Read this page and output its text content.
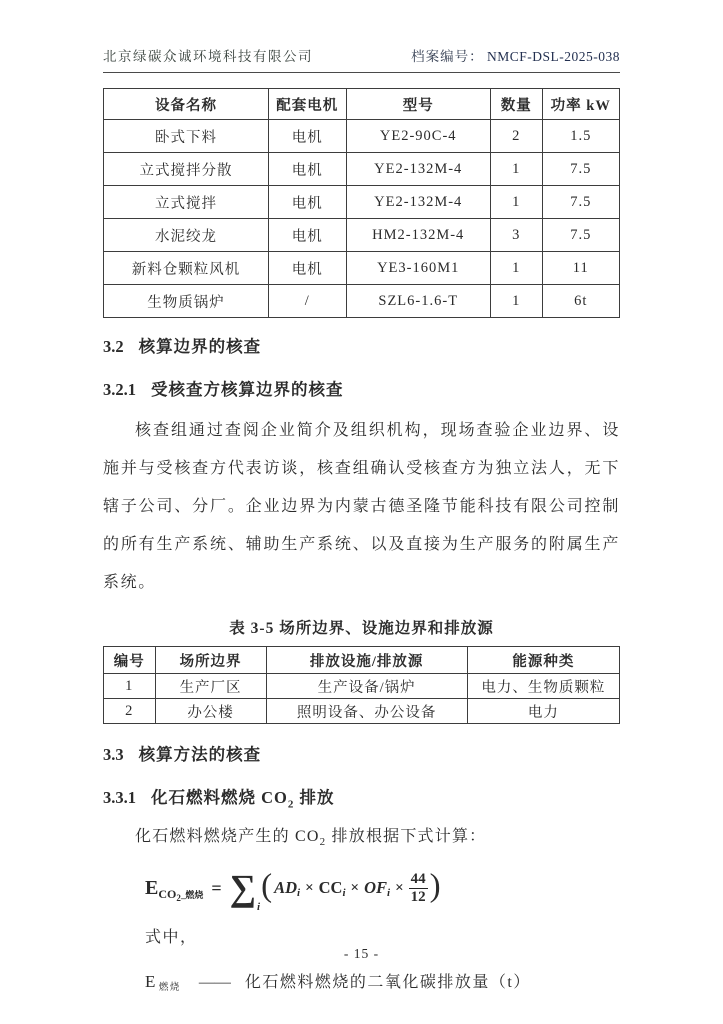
北京绿碳众诚环境科技有限公司	档案编号： NMCF-DSL-2025-038
设备名称	配套电机	型号	数量	功率 kW
卧式下料	电机	YE2-90C-4	2	1.5
立式搅拌分散	电机	YE2-132M-4	1	7.5
立式搅拌	电机	YE2-132M-4	1	7.5
水泥绞龙	电机	HM2-132M-4	3	7.5
新料仓颗粒风机	电机	YE3-160M1	1	11
生物质锅炉	/	SZL6-1.6-T	1	6t
3.2 核算边界的核查
3.2.1 受核查方核算边界的核查

核查组通过查阅企业简介及组织机构，现场查验企业边界、设施并与受核查方代表访谈，核查组确认受核查方为独立法人，无下辖子公司、分厂。企业边界为内蒙古德圣隆节能科技有限公司控制的所有生产系统、辅助生产系统、以及直接为生产服务的附属生产系统。

表 3-5 场所边界、设施边界和排放源
编号	场所边界	排放设施/排放源	能源种类
1	生产厂区	生产设备/锅炉	电力、生物质颗粒
2	办公楼	照明设备、办公设备	电力
3.3 核算方法的核查
3.3.1 化石燃料燃烧 $CO_2$ 排放

化石燃料燃烧产生的 $CO_2$ 排放根据下式计算：

E $CO_2\_$燃烧 = ∑ i
( AD i × CC i × OF $i \times \frac{44}{12}$ )

式中，

E 燃烧 —— 化石燃料燃烧的二氧化碳排放量（t）
- 15 -
